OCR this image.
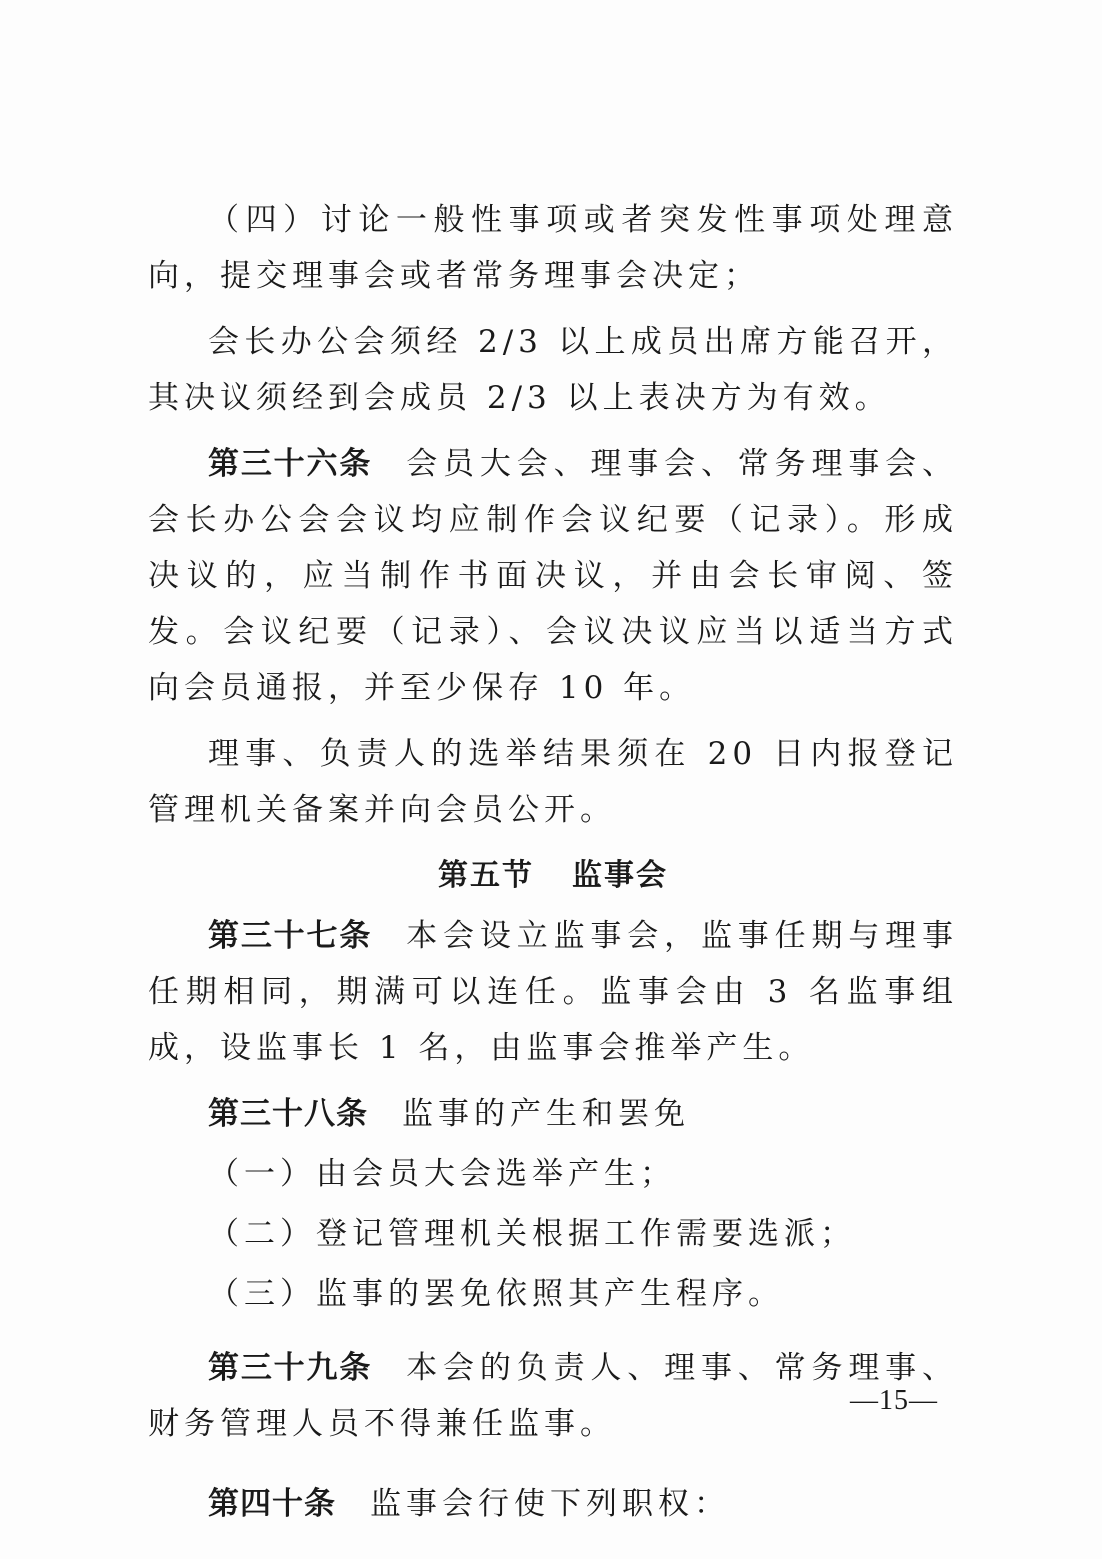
（四）讨论一般性事项或者突发性事项处理意向，提交理事会或者常务理事会决定；

会长办公会须经 2/3 以上成员出席方能召开，其决议须经到会成员 2/3 以上表决方为有效。

第三十六条 会员大会、理事会、常务理事会、会长办公会会议均应制作会议纪要（记录）。形成决议的，应当制作书面决议，并由会长审阅、签发。会议纪要（记录）、会议决议应当以适当方式向会员通报，并至少保存 10 年。

理事、负责人的选举结果须在 20 日内报登记管理机关备案并向会员公开。

第五节 监事会

第三十七条 本会设立监事会，监事任期与理事任期相同，期满可以连任。监事会由 3 名监事组成，设监事长 1 名，由监事会推举产生。

第三十八条 监事的产生和罢免

（一）由会员大会选举产生；

（二）登记管理机关根据工作需要选派；

（三）监事的罢免依照其产生程序。

第三十九条 本会的负责人、理事、常务理事、财务管理人员不得兼任监事。

第四十条 监事会行使下列职权：

—15—
